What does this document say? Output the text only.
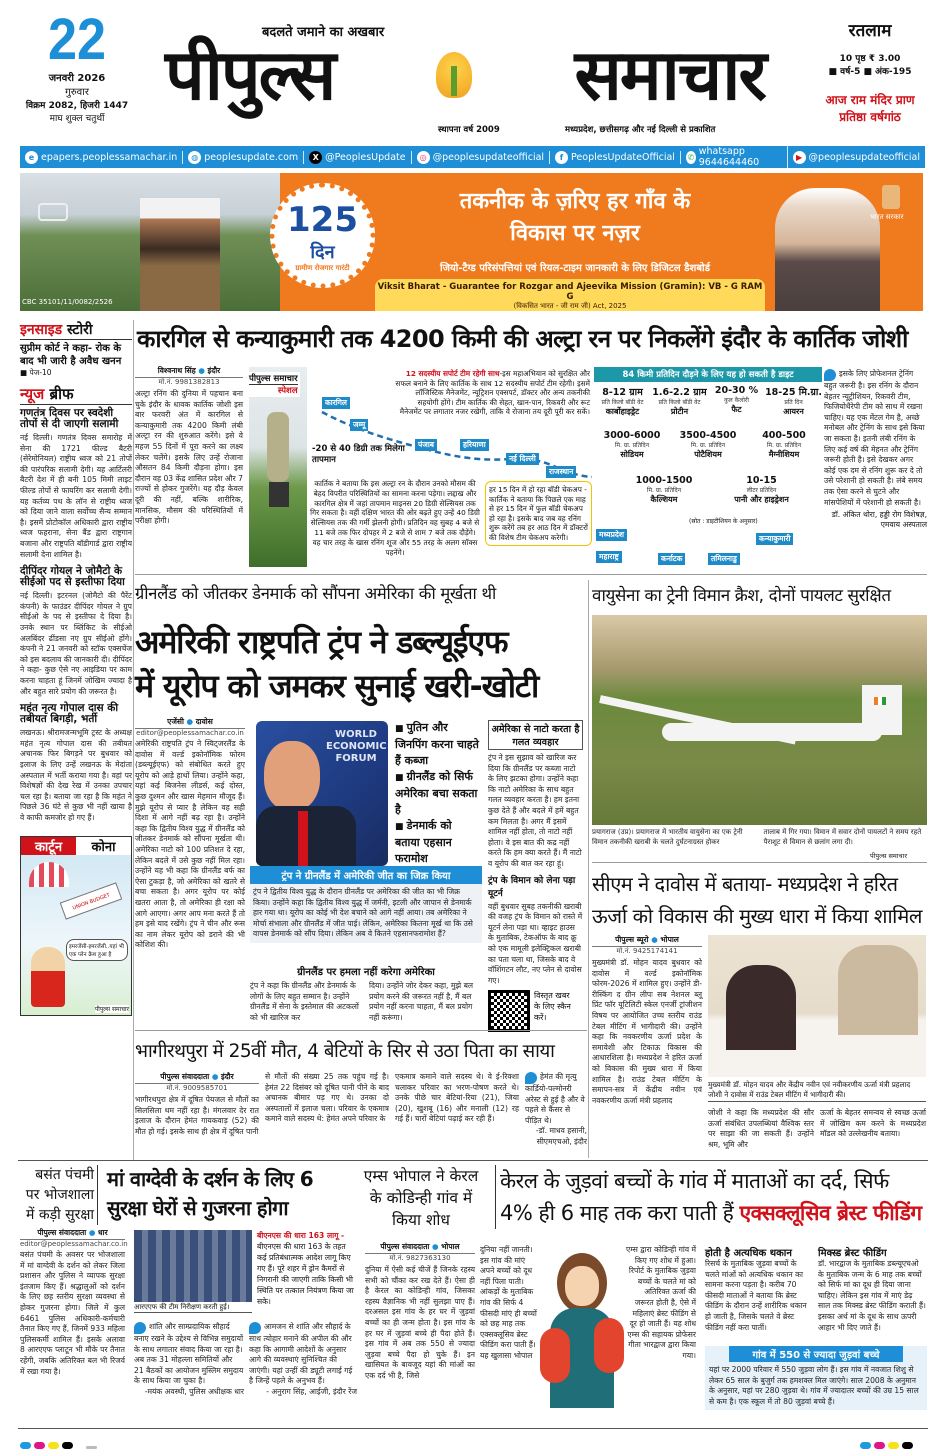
22
जनवरी 2026
गुरुवार
विक्रम 2082, हिजरी 1447
माघ शुक्ल चतुर्थी
बदलते जमाने का अखबार
पीपुल्स	समाचार
स्थापना वर्ष 2009	मध्यप्रदेश, छत्तीसगढ़ और नई दिल्ली से प्रकाशित
रतलाम
10 पृष्ठ ₹ 3.00
■ वर्ष-5 ■ अंक-195
आज राम मंदिर प्राण
प्रतिष्ठा वर्षगांठ
e epapers.peoplessamachar.in	◍ peoplesupdate.com	X @PeoplesUpdate	◎ @peoplesupdateofficial	f PeoplesUpdateOfficial ✆ whatsapp 9644644460	▶ @peoplesupdateofficial
CBC 35101/11/0082/2526
125
दिन
ग्रामीण रोजगार गारंटी
तकनीक के ज़रिए हर गाँव के
विकास पर नज़र
जियो-टैग्ड परिसंपत्तियां एवं रियल-टाइम जानकारी के लिए डिजिटल डैशबोर्ड
Viksit Bharat - Guarantee for Rozgar and Ajeevika Mission (Gramin): VB - G RAM G
(विकसित भारत - जी राम जी) Act, 2025
भारत सरकार
इनसाइड स्टोरी
सुप्रीम कोर्ट ने कहा- रोक के बाद भी जारी है अवैध खनन
■ पेज-10
न्यूज ब्रीफ
गणतंत्र दिवस पर स्वदेशी तोपों से दी जाएगी सलामी
नई दिल्ली। गणतंत्र दिवस समारोह में सेना की 1721 फील्ड बैटरी (सेरेमोनियल) राष्ट्रीय ध्वज को 21 तोपों की पारंपरिक सलामी देगी। यह आर्टिलरी बैटरी देश में ही बनी 105 मिमी लाइट फील्ड तोपों से फायरिंग कर सलामी देगी। यह कर्तव्य पथ के लॉन से राष्ट्रीय ध्वज को दिया जाने वाला सर्वोच्च सैन्य सम्मान है। इसमें प्रोटोकॉल अधिकारी द्वारा राष्ट्रीय ध्वज फहराना, सेना बैंड द्वारा राष्ट्रगान बजाना और राष्ट्रपति बॉडीगार्ड द्वारा राष्ट्रीय सलामी देना शामिल है।
दीपिंदर गोयल ने जोमैटो के सीईओ पद से इस्तीफा दिया
नई दिल्ली। इटरनल (जोमैटो की पैरेंट कंपनी) के फाउंडर दीपिंदर गोयल ने ग्रुप सीईओ के पद से इस्तीफा दे दिया है। उनके स्थान पर ब्लिंकिट के सीईओ अलबिंदर ढींडसा नए ग्रुप सीईओ होंगे। कंपनी ने 21 जनवरी को स्टॉक एक्सचेंज को इस बदलाव की जानकारी दी। दीपिंदर ने कहा- कुछ ऐसे नए आइडिया पर काम करना चाहता हूं जिनमें जोखिम ज्यादा है और बहुत सारे प्रयोग की जरूरत है।
महंत नृत्य गोपाल दास की तबीयत बिगड़ी, भर्ती
लखनऊ। श्रीरामजन्मभूमि ट्रस्ट के अध्यक्ष महंत नृत्य गोपाल दास की तबीयत अचानक फिर बिगड़ने पर बुधवार को इलाज के लिए उन्हें लखनऊ के मेदांता अस्पताल में भर्ती कराया गया है। वहां पर विशेषज्ञों की देख रेख में उनका उपचार चल रहा है। बताया जा रहा है कि महंत ने पिछले 36 घंटे से कुछ भी नहीं खाया है वे काफी कमजोर हो गए हैं।
कार्टून	कोना
UNION BUDGET
इमरजेंसी-इमरजेंसी..यहां भी एक प्लेन क्रैश हुआ है
पीपुल्स समाचार
कारगिल से कन्याकुमारी तक 4200 किमी की अल्ट्रा रन पर निकलेंगे इंदौर के कार्तिक जोशी
विश्वनाथ सिंह ● इंदौर
मो.नं. 9981382813
अल्ट्रा रनिंग की दुनिया में पहचान बना चुके इंदौर के धावक कार्तिक जोशी इस बार फरवरी अंत में कारगिल से कन्याकुमारी तक 4200 किमी लंबी अल्ट्रा रन की शुरुआत करेंगे। इसे वे महज 55 दिनों में पूरा करने का लक्ष्य लेकर चलेंगे। इसके लिए उन्हें रोजाना औसतन 84 किमी दौड़ना होगा। इस दौरान वह 03 केंद्र शासित प्रदेश और 7 राज्यों से होकर गुजरेंगे। यह दौड़ केवल दूरी की नहीं, बल्कि शारीरिक, मानसिक, मौसम की परिस्थितियों में परीक्षा होगी।
पीपुल्स समाचार
स्पेशल
कारगिल
जम्मू
पंजाब	हरियाणा
नई दिल्ली
राजस्थान
12 सदस्यीय सपोर्ट टीम रहेगी साथ-इस महाअभियान को सुरक्षित और सफल बनाने के लिए कार्तिक के साथ 12 सदस्यीय सपोर्ट टीम रहेगी। इसमें लॉजिस्टिक मैनेजमेंट, न्यूट्रिशन एक्सपर्ट, डॉक्टर और अन्य तकनीकी सहयोगी होंगे। टीम कार्तिक की सेहत, खान-पान, रिकवरी और रूट मैनेजमेंट पर लगातार नजर रखेगी, ताकि वे रोजाना तय दूरी पूरी कर सकें।
-20 से 40 डिग्री तक मिलेगा तापमान
कार्तिक ने बताया कि इस अल्ट्रा रन के दौरान उनको मौसम की बेहद विपरीत परिस्थितियों का सामना करना पड़ेगा। लद्दाख और कारगिल क्षेत्र में जहां तापमान माइनस 20 डिग्री सेल्सियस तक गिर सकता है। वहीं दक्षिण भारत की ओर बढ़ते हुए उन्हें 40 डिग्री सेल्सियस तक की गर्मी झेलनी होगी। प्रतिदिन वह सुबह 4 बजे से 11 बजे तक फिर दोपहर में 2 बजे से शाम 7 बजे तक दौड़ेंगे। वह चार तरह के खास रनिंग शूज और 55 तरह के अलग सॉक्स पहनेंगे।
हर 15 दिन में हो रहा बॉडी चेकअप - कार्तिक ने बताया कि पिछले एक माह से हर 15 दिन में फुल बॉडी चेकअप हो रहा है। इसके बाद जब वह रनिंग शुरू करेंगे तब हर आठ दिन में डॉक्टरों की विशेष टीम चेकअप करेगी।	मध्यप्रदेश
महाराष्ट्र	कर्नाटक	तमिलनाडु
कन्याकुमारी
84 किमी प्रतिदिन दौड़ने के लिए यह हो सकती है डाइट
8-12 ग्राम
प्रति किलो बॉडी वेट
कार्बोहाइड्रेट
1.6-2.2 ग्राम
प्रति किलो बॉडी वेट
प्रोटीन
20-30 %
कुल कैलोरी
फैट
18-25 मि.ग्रा.
प्रति दिन
आयरन
3000-6000
मि. ग्रा. प्रतिदिन
सोडियम
3500-4500
मि. ग्रा. प्रतिदिन
पोटैशियम
400-500
मि. ग्रा. प्रतिदिन
मैग्नीशियम
1000-1500
मि. ग्रा. प्रतिदिन
कैल्शियम
10-15
लीटर प्रतिदिन
पानी और हाइड्रेशन
(स्रोत : डाइटीशियन के अनुसार)
इसके लिए प्रोफेशनल ट्रेनिंग बहुत जरूरी है। इस रनिंग के दौरान बेहतर न्यूट्रीशियन, रिकवरी टीम, फिजियोथैरेपी टीम को साथ में रखना चाहिए। यह एक मेंटल गेम है, अच्छे मनोबल और ट्रेनिंग के साथ इसे किया जा सकता है। इतनी लंबी रनिंग के लिए कई वर्ष की मेहनत और ट्रेनिंग जरूरी होती है। इसे देखकर अगर कोई एक दम से रनिंग शुरू कर दे तो उसे परेशानी हो सकती है। लंबे समय तक ऐसा करने से घुटने और मांसपेशियों में परेशानी हो सकती है।
डॉ. अंकित थोरा, हड्डी रोग विशेषज्ञ, एमवाय अस्पताल
ग्रीनलैंड को जीतकर डेनमार्क को सौंपना अमेरिका की मूर्खता थी
अमेरिकी राष्ट्रपति ट्रंप ने डब्ल्यूईएफ
में यूरोप को जमकर सुनाई खरी-खोटी
एजेंसी ● दावोस
editor@peoplessamachar.co.in
अमेरिकी राष्ट्रपति ट्रंप ने स्विट्जरलैंड के दावोस में वर्ल्ड इकोनॉमिक फोरम (डब्ल्यूईएफ) को संबोधित करते हुए यूरोप को आड़े हाथों लिया। उन्होंने कहा, यहां कई बिजनेस लीडर्स, कई दोस्त, कुछ दुश्मन और खास मेहमान मौजूद हैं। मुझे यूरोप से प्यार है लेकिन वह सही दिशा में आगे नहीं बढ़ रहा है। उन्होंने कहा कि द्वितीय विश्व युद्ध में ग्रीनलैंड को जीतकर डेनमार्क को सौंपना मूर्खता थी। अमेरिका नाटो को 100 प्रतिशत दे रहा, लेकिन बदले में उसे कुछ नहीं मिल रहा। उन्होंने यह भी कहा कि ग्रीनलैंड बर्फ का ऐसा टुकड़ा है, जो अमेरिका को खतरे से बचा सकता है। अगर यूरोप पर कोई खतरा आता है, तो अमेरिका ही रक्षा को आगे आएगा। अगर आप मना करते हैं तो हम इसे याद रखेंगे। ट्रंप ने चीन और रूस का नाम लेकर यूरोप को डराने की भी कोशिश की।
WORLD ECONOMIC FORUM
■ पुतिन और जिनपिंग करना चाहते हैं कब्जा
■ ग्रीनलैंड को सिर्फ अमेरिका बचा सकता है
■ डेनमार्क को बताया एहसान फरामोश
ट्रंप ने ग्रीनलैंड में अमेरिकी जीत का जिक्र किया
ट्रंप ने द्वितीय विश्व युद्ध के दौरान ग्रीनलैंड पर अमेरिका की जीत का भी जिक्र किया। उन्होंने कहा कि द्वितीय विश्व युद्ध में जर्मनी, इटली और जापान से डेनमार्क हार गया था। यूरोप का कोई भी देश बचाने को आगे नहीं आया। तब अमेरिका ने मोर्चा संभाला और ग्रीनलैंड में जीत पाई। लेकिन, अमेरिका कितना मूर्ख था कि उसे वापस डेनमार्क को सौंप दिया। लेकिन अब वे कितने एहसानफरामोश हैं?
ग्रीनलैंड पर हमला नहीं करेगा अमेरिका
ट्रंप ने कहा कि ग्रीनलैंड और डेनमार्क के लोगों के लिए बहुत सम्मान है। उन्होंने ग्रीनलैंड में सेना के इस्तेमाल की अटकलों को भी खारिज कर
दिया। उन्होंने जोर देकर कहा, मुझे बल प्रयोग करने की जरूरत नहीं है, मैं बल प्रयोग नहीं करना चाहता, मैं बल प्रयोग नहीं करूंगा।
अमेरिका से नाटो करता है गलत व्यवहार
ट्रंप ने इस सुझाव को खारिज कर दिया कि ग्रीनलैंड पर कब्जा नाटो के लिए झटका होगा। उन्होंने कहा कि नाटो अमेरिका के साथ बहुत गलत व्यवहार करता है। हम इतना कुछ देते हैं और बदले में हमें बहुत कम मिलता है। अगर मैं इसमें शामिल नहीं होता, तो नाटो नहीं होता। वे इस बात की कद्र नहीं करते कि हम क्या करते हैं। मैं नाटो व यूरोप की बात कर रहा हूं।
ट्रंप के विमान को लेना पड़ा यूटर्न
वहीं बुधवार सुबह तकनीकी खराबी की वजह ट्रंप के विमान को रास्ते में यूटर्न लेना पड़ा था। व्हाइट हाउस के मुताबिक, टेकऑफ के बाद क्रू को एक मामूली इलेक्ट्रिकल खराबी का पता चला था, जिसके बाद वे वॉशिंगटन लौट, नए प्लेन से दावोस गए।
विस्तृत खबर के लिए स्कैन करें।
वायुसेना का ट्रेनी विमान क्रैश, दोनों पायलट सुरक्षित
प्रयागराज (उप्र)। प्रयागराज में भारतीय वायुसेना का एक ट्रेनी विमान तकनीकी खराबी के चलते दुर्घटनाग्रस्त होकर
तालाब में गिर गया। विमान में सवार दोनों पायलटों ने समय रहते पैराशूट से विमान से छलांग लगा दी।
पीपुल्स समाचार
सीएम ने दावोस में बताया- मध्यप्रदेश ने हरित ऊर्जा को विकास की मुख्य धारा में किया शामिल
पीपुल्स ब्यूरो ● भोपाल
मो.नं. 9425174141
मुख्यमंत्री डॉ. मोहन यादव बुधवार को दावोस में वर्ल्ड इकोनॉमिक फोरम-2026 में शामिल हुए। उन्होंने डी-रीस्किंग द ग्रीन लीपः सब नेशनल ब्लू प्रिंट फॉर यूटिलिटी स्केल एनर्जी ट्रांजीशन विषय पर आयोजित उच्च स्तरीय राउंड टेबल मीटिंग में भागीदारी की। उन्होंने कहा कि नवकरणीय ऊर्जा प्रदेश के समावेशी और टिकाऊ विकास की आधारशिला है। मध्यप्रदेश ने हरित ऊर्जा को विकास की मुख्य धारा में किया शामिल है। राउंड टेबल मीटिंग के समापन-सत्र में केंद्रीय नवीन एवं नवकरणीय ऊर्जा मंत्री प्रहलाद
मुख्यमंत्री डॉ. मोहन यादव और केंद्रीय नवीन एवं नवीकरणीय ऊर्जा मंत्री प्रहलाद जोशी ने दावोस में राउंड टेबल मीटिंग में भागीदारी की।
जोशी ने कहा कि मध्यप्रदेश की सौर ऊर्जा संबंधित उपलब्धियां वैश्विक स्तर पर साझा की जा सकती हैं। उन्होंने श्रम, भूमि और
ऊर्जा के बेहतर समन्वय से स्वच्छ ऊर्जा में जोखिम कम करने के मध्यप्रदेश मॉडल को उल्लेखनीय बताया।
भागीरथपुरा में 25वीं मौत, 4 बेटियों के सिर से उठा पिता का साया
पीपुल्स संवाददाता ● इंदौर
मो.नं. 9009585701
भागीरथपुरा क्षेत्र में दूषित पेयजल से मौतों का सिलसिला थम नहीं रहा है। मंगलवार देर रात इलाज के दौरान हेमंत गायकवाड़ (52) की मौत हो गई। इसके साथ ही क्षेत्र में दूषित पानी
से मौतों की संख्या 25 तक पहुंच गई है। हेमंत 22 दिसंबर को दूषित पानी पीने के बाद अचानक बीमार पड़ गए थे। उनका दो अस्पतालों में इलाज चला। परिवार के एकमात्र कमाने वाले सदस्य थे: हेमंत अपने परिवार के
एकमात्र कमाने वाले सदस्य थे। वे ई-रिक्शा चलाकर परिवार का भरण-पोषण करते थे। उनके पीछे चार बेटियां-रिया (21), जिया (20), खुशबू (16) और मनाली (12) रह गई हैं। चारों बेटियां पढ़ाई कर रही हैं।
हेमंत की मृत्यु कार्डियो-पल्मोनरी अरेस्ट से हुई है और वे पहले से कैंसर से पीड़ित थे।
-डॉ. माधव हसानी, सीएमएचओ, इंदौर
बसंत पंचमी पर भोजशाला में कड़ी सुरक्षा
मां वाग्देवी के दर्शन के लिए 6 सुरक्षा घेरों से गुजरना होगा
पीपुल्स संवाददाता ● धार
editor@peoplessamachar.co.in
बसंत पंचमी के अवसर पर भोजशाला में मां वाग्देवी के दर्शन को लेकर जिला प्रशासन और पुलिस ने व्यापक सुरक्षा इंतजाम किए हैं। श्रद्धालुओं को दर्शन के लिए छह स्तरीय सुरक्षा व्यवस्था से होकर गुजरना होगा। जिले में कुल 6461 पुलिस अधिकारी-कर्मचारी तैनात किए गए हैं, जिनमें 933 महिला पुलिसकर्मी शामिल हैं। इसके अलावा 8 आरएएफ प्लाटून भी मौके पर तैनात रहेंगी, जबकि अतिरिक्त बल भी रिजर्व में रखा गया है।
आरएएफ की टीम निरीक्षण करती हुई।
बीएनएस की धारा 163 लागू - बीएनएस की धारा 163 के तहत कई प्रतिबंधात्मक आदेश लागू किए गए हैं। पूरे शहर में ड्रोन कैमरों से निगरानी की जाएगी ताकि किसी भी स्थिति पर तत्काल नियंत्रण किया जा सके।
शांति और साम्प्रदायिक सौहार्द बनाए रखने के उद्देश्य से विभिन्न समुदायों के साथ लगातार संवाद किया जा रहा है। अब तक 31 मोहल्ला समितियों और 21 बैठकों का आयोजन मुस्लिम समुदाय के साथ किया जा चुका है।
-मयंक अवस्थी, पुलिस अधीक्षक धार
आमजन से शांति और सौहार्द के साथ त्योहार मनाने की अपील की और कहा कि आगामी आदेशों के अनुसार आगे की व्यवस्थाएं सुनिश्चित की जाएंगी। यहां उन्हीं की ड्यूटी लगाई गई है जिन्हें पहले के अनुभव हैं।
- अनुराग सिंह, आईजी, इंदौर रेंज
एम्स भोपाल ने केरल के कोडिन्ही गांव में किया शोध
केरल के जुड़वां बच्चों के गांव में माताओं का दर्द, सिर्फ 4% ही 6 माह तक करा पाती हैं एक्सक्लूसिव ब्रेस्ट फीडिंग
पीपुल्स संवाददाता ● भोपाल
मो.नं. 9827363130
दुनिया में ऐसी कई चीजें हैं जिनके रहस्य सभी को चौंका कर रख देते हैं। ऐसा ही है केरल का कोडिन्ही गांव, जिसका रहस्य वैज्ञानिक भी नहीं सुलझा पाए हैं। दरअसल इस गांव के हर घर में जुड़वां बच्चों का ही जन्म होता है। इस गांव के हर घर में जुड़वां बच्चे ही पैदा होते हैं। इस गांव में अब तक 550 से ज्यादा जुड़वा बच्चे पैदा हो चुके हैं। इन खासियत के बावजूद यहां की मांओं का एक दर्द भी है, जिसे
दुनिया नहीं जानती। इस गांव की मांएं अपने बच्चों को दूध नहीं पिला पाती। आंकड़ों के मुताबिक गांव की सिर्फ 4 फीसदी मांएं ही बच्चों को छह माह तक एक्सक्लूसिव ब्रेस्ट फीडिंग करा पाती हैं। यह खुलासा भोपाल
एम्स द्वारा कोडिन्ही गांव में किए गए शोध में हुआ। रिपोर्ट के मुताबिक जुड़वा बच्चों के चलते मां को अतिरिक्त ऊर्जा की जरूरत होती है, ऐसे में महिलाएं ब्रेस्ट फीडिंग से दूर हो जाती हैं। यह शोध एम्स की सहायक प्रोफेसर गीता भारद्वाज द्वारा किया गया।
होती है अत्यधिक थकान
रिसर्च के मुताबिक जुड़वा बच्चों के चलते मांओं को अत्यधिक थकान का सामना करना पड़ता है। करीब 70 फीसदी माताओं ने बताया कि ब्रेस्ट फीडिंग के दौरान उन्हें शारीरिक थकान हो जाती है, जिसके चलते वे ब्रेस्ट फीडिंग नहीं करा पातीं।
मिक्स्ड ब्रेस्ट फीडिंग
डॉ. भारद्वाज के मुताबिक डब्ल्यूएचओ के मुताबिक जन्म के 6 माह तक बच्चों को सिर्फ मां का दूध ही दिया जाना चाहिए। लेकिन इस गांव में माएं डेढ़ साल तक मिक्स्ड ब्रेस्ट फीडिंग कराती हैं। इसका अर्थ मां के दूध के साथ ऊपरी आहार भी दिए जाते हैं।
गांव में 550 से ज्यादा जुड़वां बच्चे
यहां पर 2000 परिवार में 550 जुड़वा लोग हैं। इस गांव में नवजात शिशु से लेकर 65 साल के बुजुर्ग तक हमशक्ल मिल जाएंगे। साल 2008 के अनुमान के अनुसार, यहां पर 280 जुड़वा थे। गांव में ज्यादातर बच्चों की उम्र 15 साल से कम है। एक स्कूल में तो 80 जुड़वां बच्चे हैं।
